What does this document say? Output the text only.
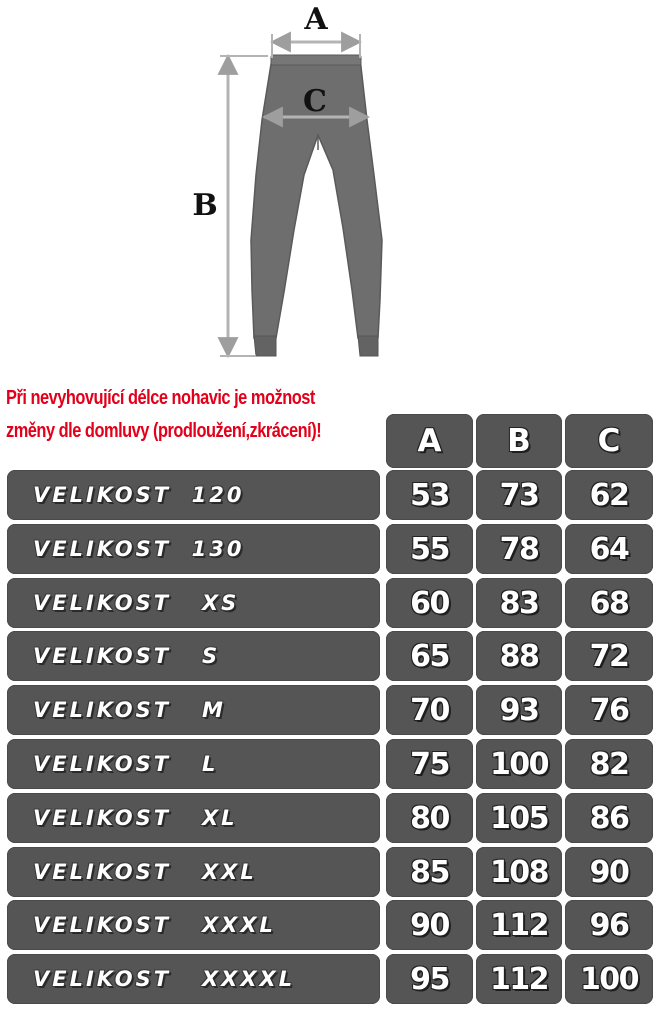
A
C
B
Při nevyhovující délce nohavic je možnost
změny dle domluvy (prodloužení,zkrácení)!	A	B	C
VELIKOST  120	53	73	62
VELIKOST  130	55	78	64
VELIKOST   XS	60	83	68
VELIKOST   S	65	88	72
VELIKOST   M	70	93	76
VELIKOST   L	75	100	82
VELIKOST   XL	80	105	86
VELIKOST   XXL	85	108	90
VELIKOST   XXXL	90	112	96
VELIKOST   XXXXL	95	112	100
